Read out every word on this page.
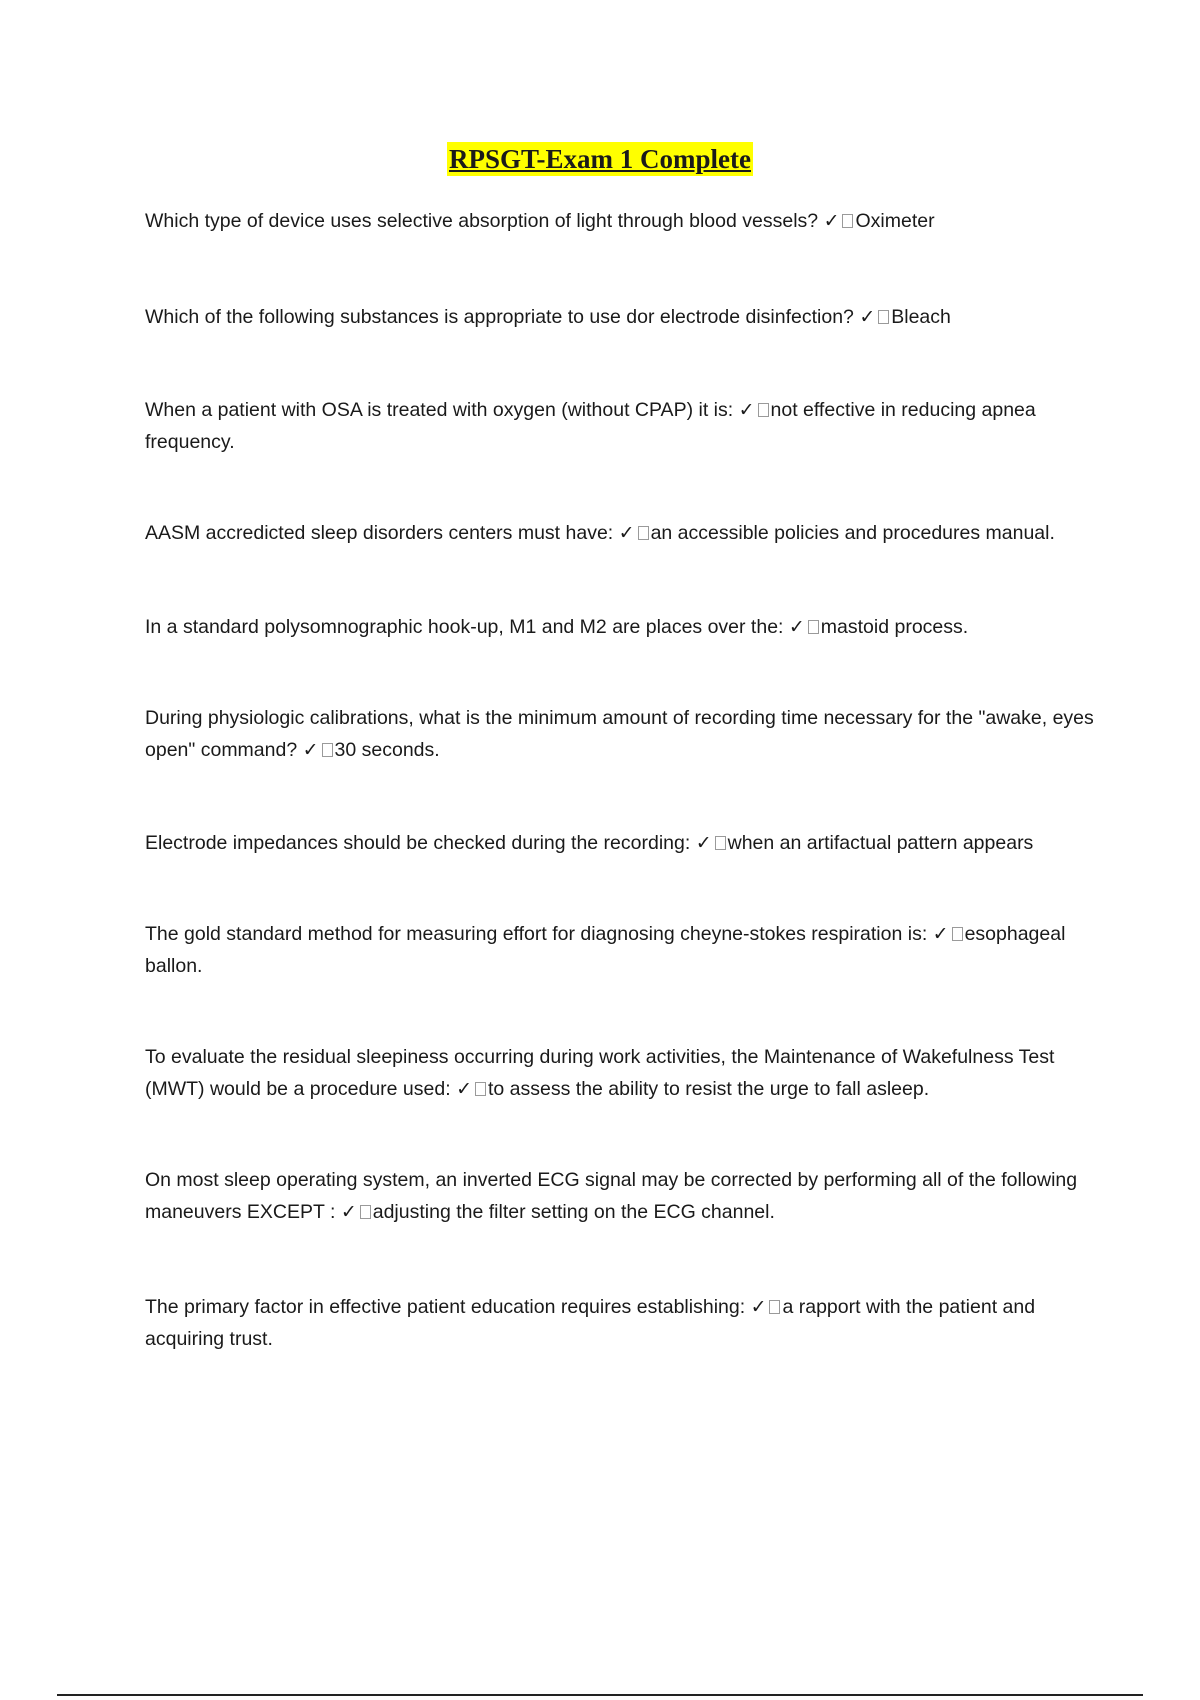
RPSGT-Exam 1 Complete

Which type of device uses selective absorption of light through blood vessels? ✓ Oximeter

Which of the following substances is appropriate to use dor electrode disinfection? ✓ Bleach

When a patient with OSA is treated with oxygen (without CPAP) it is: ✓ not effective in reducing apnea frequency.

AASM accredicted sleep disorders centers must have: ✓ an accessible policies and procedures manual.

In a standard polysomnographic hook-up, M1 and M2 are places over the: ✓ mastoid process.

During physiologic calibrations, what is the minimum amount of recording time necessary for the "awake, eyes open" command? ✓ 30 seconds.

Electrode impedances should be checked during the recording: ✓ when an artifactual pattern appears

The gold standard method for measuring effort for diagnosing cheyne-stokes respiration is: ✓ esophageal ballon.

To evaluate the residual sleepiness occurring during work activities, the Maintenance of Wakefulness Test (MWT) would be a procedure used: ✓ to assess the ability to resist the urge to fall asleep.

On most sleep operating system, an inverted ECG signal may be corrected by performing all of the following maneuvers EXCEPT : ✓ adjusting the filter setting on the ECG channel.

The primary factor in effective patient education requires establishing: ✓ a rapport with the patient and acquiring trust.
